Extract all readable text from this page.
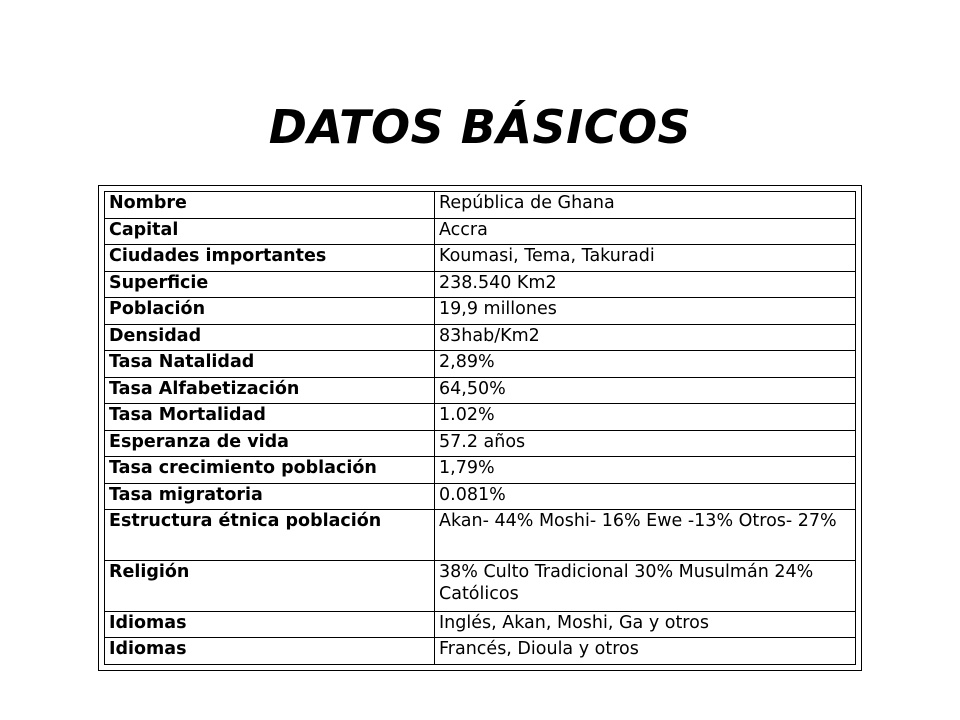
DATOS BÁSICOS
Nombre	República de Ghana
Capital	Accra
Ciudades importantes	Koumasi, Tema, Takuradi
Superficie	238.540 Km2
Población	19,9 millones
Densidad	83hab/Km2
Tasa Natalidad	2,89%
Tasa Alfabetización	64,50%
Tasa Mortalidad	1.02%
Esperanza de vida	57.2 años
Tasa crecimiento población	1,79%
Tasa migratoria	0.081%
Estructura étnica población	Akan- 44% Moshi- 16% Ewe -13% Otros- 27%
Religión	38% Culto Tradicional 30% Musulmán 24% Católicos
Idiomas	Inglés, Akan, Moshi, Ga y otros
Idiomas	Francés, Dioula y otros
